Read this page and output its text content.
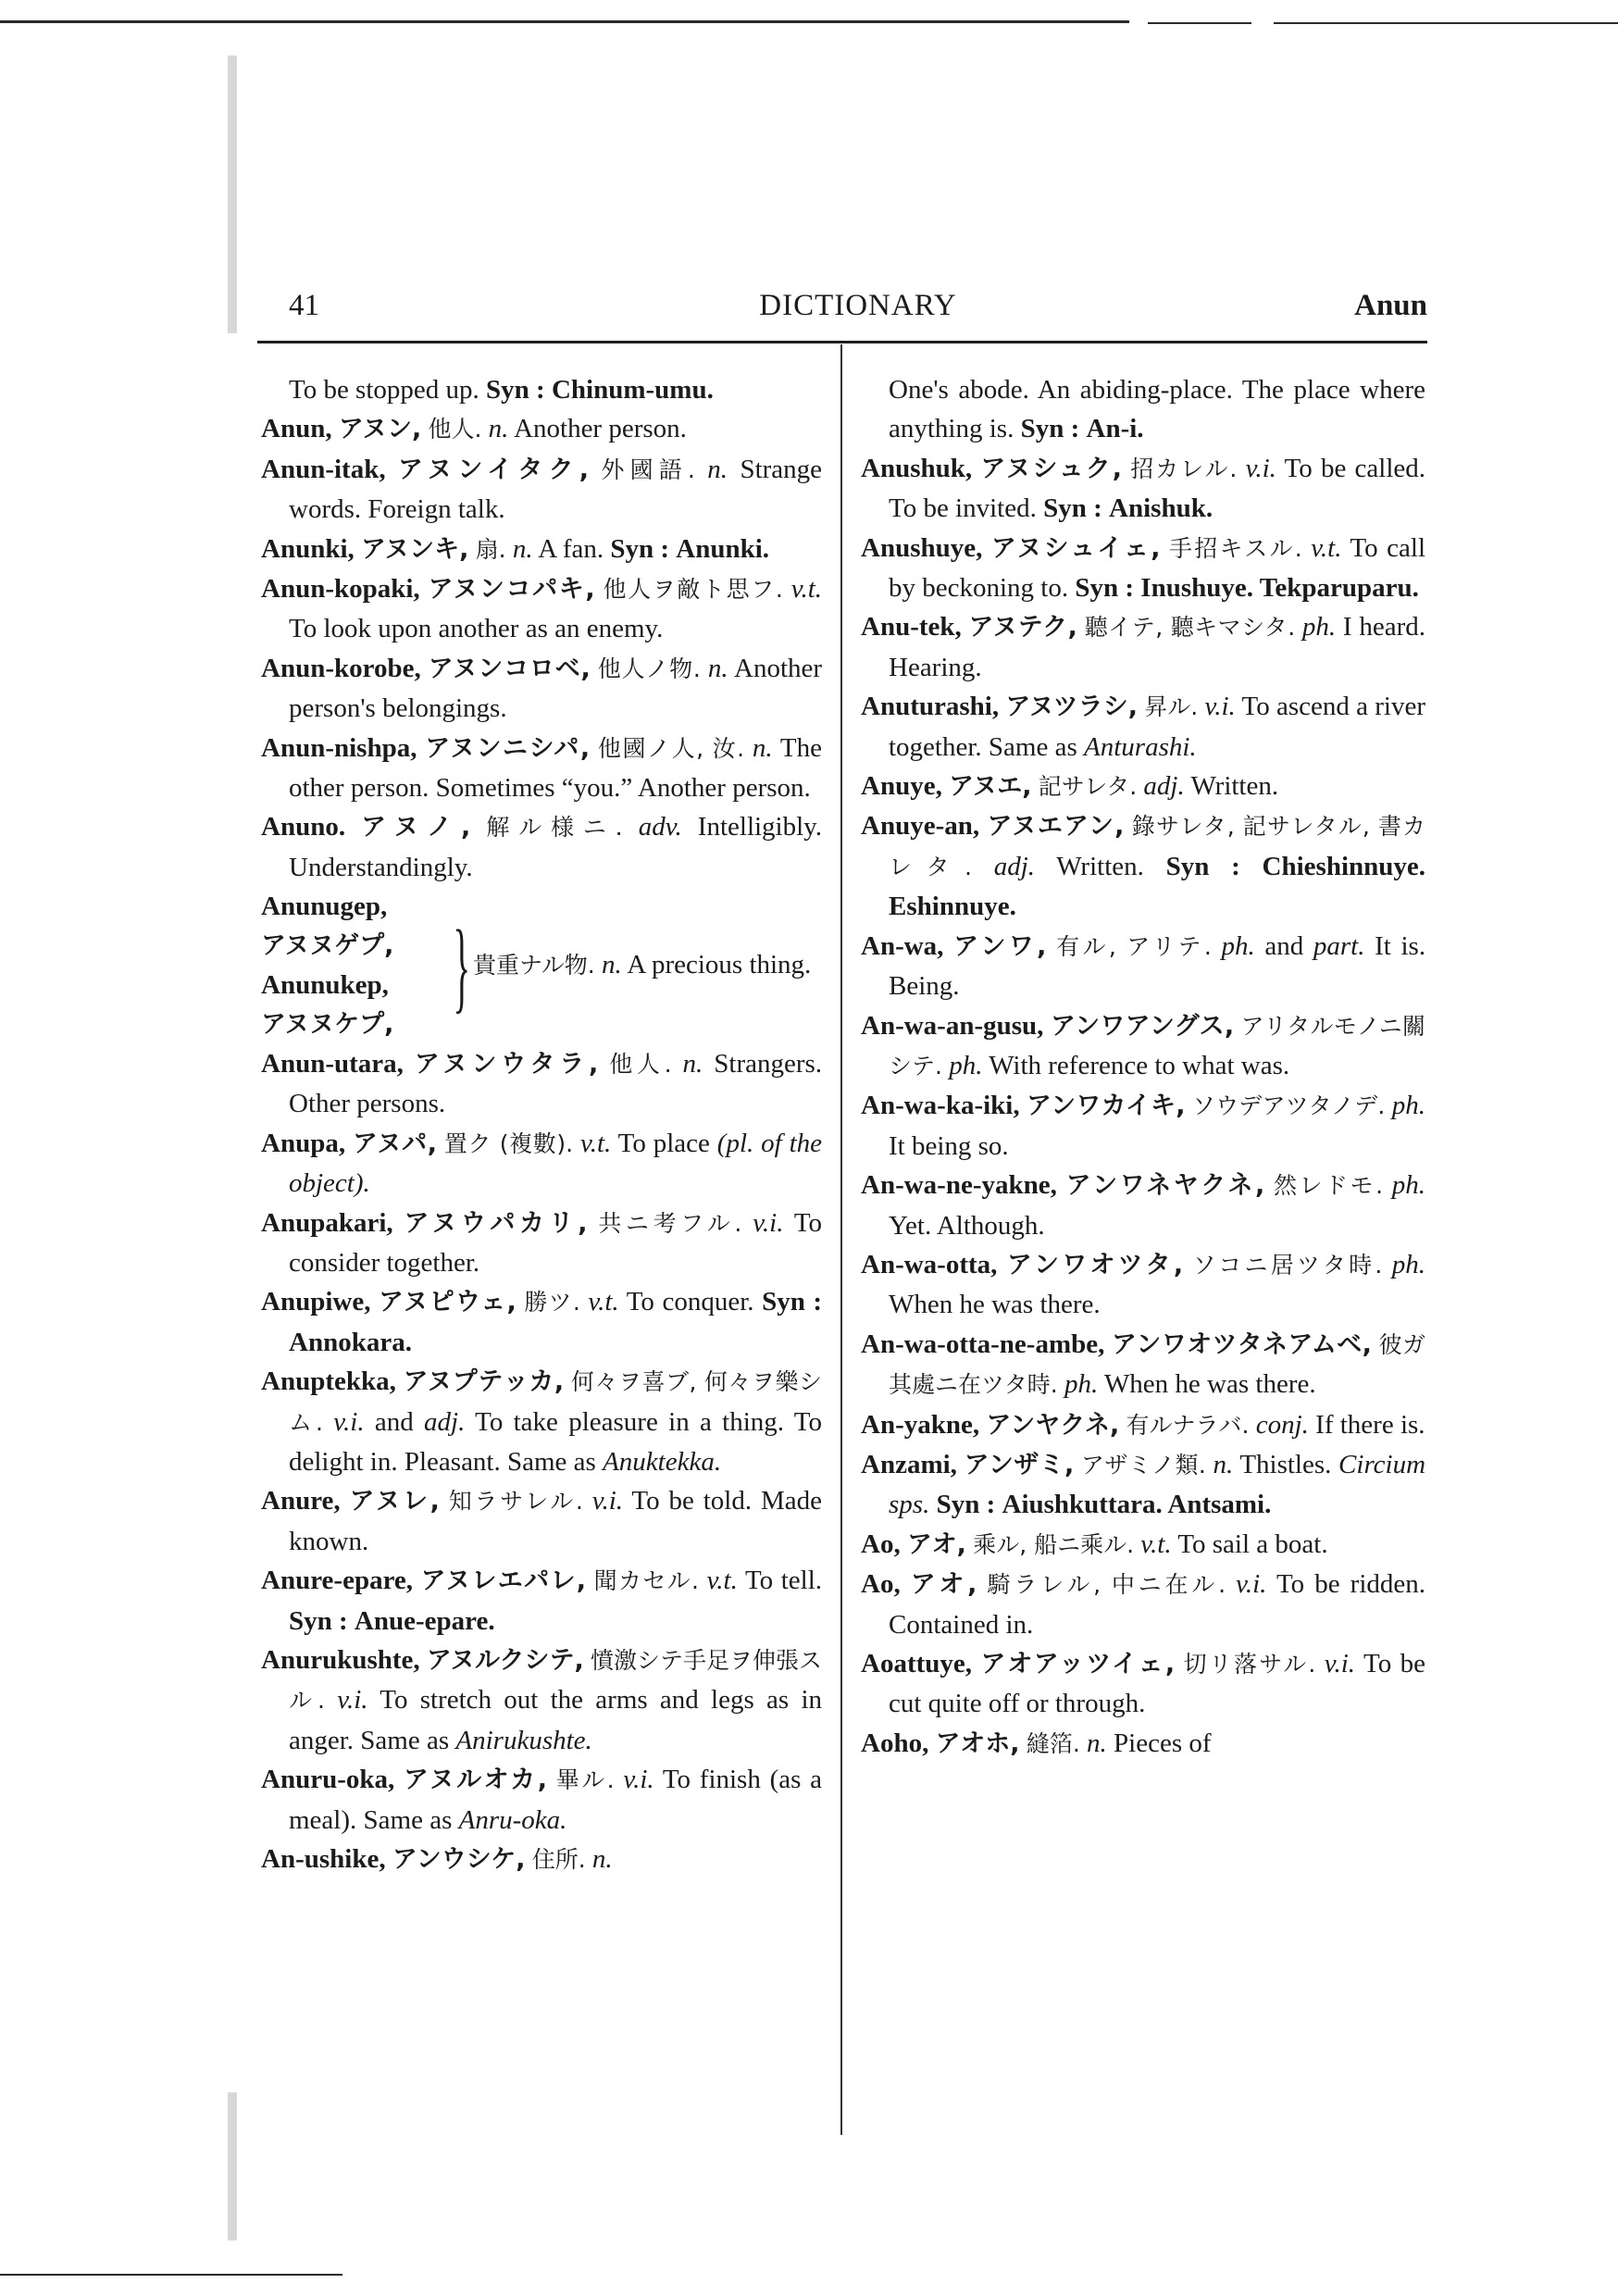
41	DICTIONARY	Anun
To be stopped up. Syn : Chinum-umu.
Anun, アヌン, 他人. n. Another person.
Anun-itak, アヌンイタク, 外國語. n. Strange words. Foreign talk.
Anunki, アヌンキ, 扇. n. A fan. Syn : Anunki.
Anun-kopaki, アヌンコパキ, 他人ヲ敵ト思フ. v.t. To look upon another as an enemy.
Anun-korobe, アヌンコロベ, 他人ノ物. n. Another person's belongings.
Anun-nishpa, アヌンニシパ, 他國ノ人, 汝. n. The other person. Sometimes “you.” Another person.
Anuno. アヌノ, 解ル様ニ. adv. Intelligibly. Understandingly.
Anunugep,
アヌヌゲプ,
Anunukep,
アヌヌケプ,
} 貴重ナル物. n. A precious thing.
Anun-utara, アヌンウタラ, 他人. n. Strangers. Other persons.
Anupa, アヌパ, 置ク (複數). v.t. To place (pl. of the object).
Anupakari, アヌウパカリ, 共ニ考フル. v.i. To consider together.
Anupiwe, アヌピウェ, 勝ツ. v.t. To conquer. Syn : Annokara.
Anuptekka, アヌプテッカ, 何々ヲ喜ブ, 何々ヲ樂シム. v.i. and adj. To take pleasure in a thing. To delight in. Pleasant. Same as Anuktekka.
Anure, アヌレ, 知ラサレル. v.i. To be told. Made known.
Anure-epare, アヌレエパレ, 聞カセル. v.t. To tell. Syn : Anue-epare.
Anurukushte, アヌルクシテ, 憤激シテ手足ヲ伸張スル. v.i. To stretch out the arms and legs as in anger. Same as Anirukushte.
Anuru-oka, アヌルオカ, 畢ル. v.i. To finish (as a meal). Same as Anru-oka.
An-ushike, アンウシケ, 住所. n.
One's abode. An abiding-place. The place where anything is. Syn : An-i.
Anushuk, アヌシュク, 招カレル. v.i. To be called. To be invited. Syn : Anishuk.
Anushuye, アヌシュイェ, 手招キスル. v.t. To call by beckoning to. Syn : Inushuye. Tekparuparu.
Anu-tek, アヌテク, 聽イテ, 聽キマシタ. ph. I heard. Hearing.
Anuturashi, アヌツラシ, 昇ル. v.i. To ascend a river together. Same as Anturashi.
Anuye, アヌエ, 記サレタ. adj. Written.
Anuye-an, アヌエアン, 錄サレタ, 記サレタル, 書カレタ. adj. Written. Syn : Chieshinnuye. Eshinnuye.
An-wa, アンワ, 有ル, アリテ. ph. and part. It is. Being.
An-wa-an-gusu, アンワアングス, アリタルモノニ關シテ. ph. With reference to what was.
An-wa-ka-iki, アンワカイキ, ソウデアツタノデ. ph. It being so.
An-wa-ne-yakne, アンワネヤクネ, 然レドモ. ph. Yet. Although.
An-wa-otta, アンワオツタ, ソコニ居ツタ時. ph. When he was there.
An-wa-otta-ne-ambe, アンワオツタネアムベ, 彼ガ其處ニ在ツタ時. ph. When he was there.
An-yakne, アンヤクネ, 有ルナラバ. conj. If there is.
Anzami, アンザミ, アザミノ類. n. Thistles. Circium sps. Syn : Aiushkuttara. Antsami.
Ao, アオ, 乘ル, 船ニ乘ル. v.t. To sail a boat.
Ao, アオ, 騎ラレル, 中ニ在ル. v.i. To be ridden. Contained in.
Aoattuye, アオアッツイェ, 切リ落サル. v.i. To be cut quite off or through.
Aoho, アオホ, 縫箔. n. Pieces of
